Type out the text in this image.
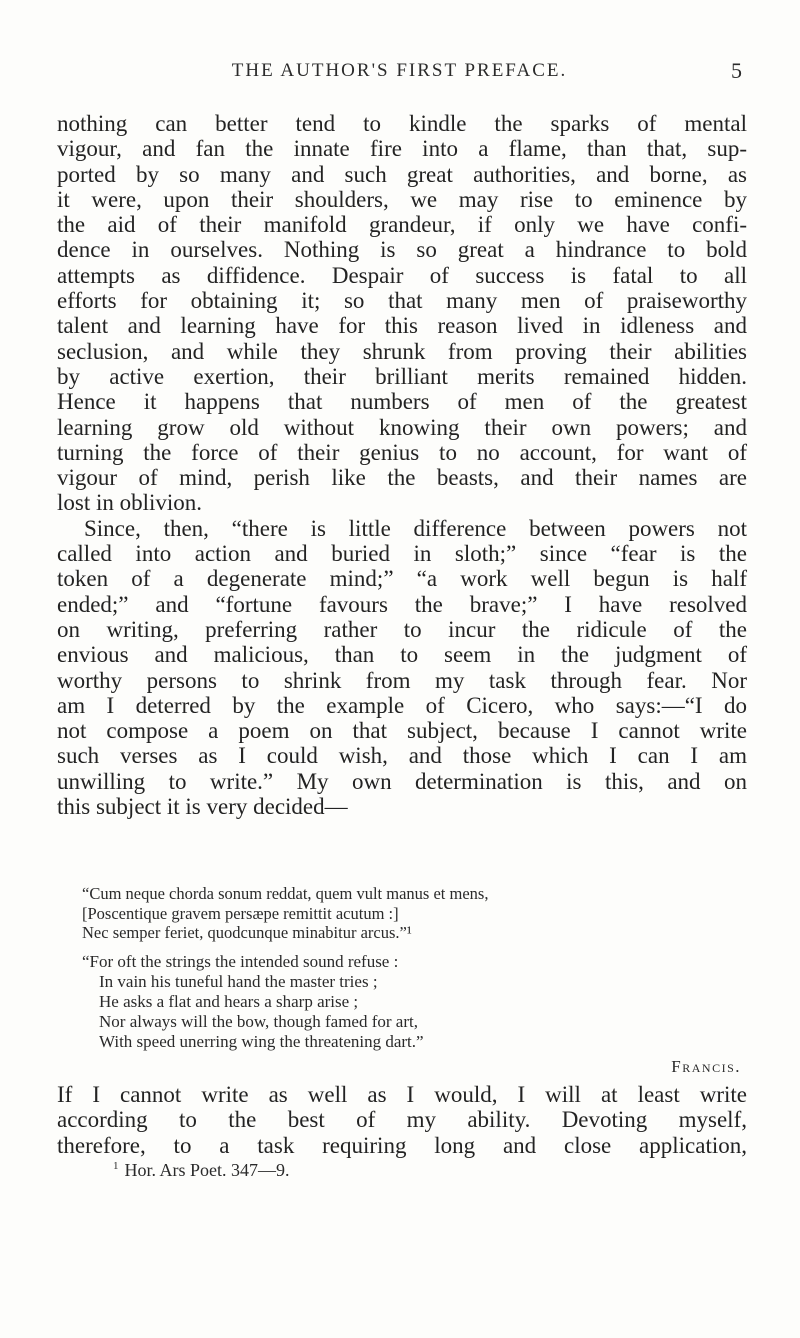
THE AUTHOR'S FIRST PREFACE.	5
nothing can better tend to kindle the sparks of mental
vigour, and fan the innate fire into a flame, than that, sup-
ported by so many and such great authorities, and borne, as
it were, upon their shoulders, we may rise to eminence by
the aid of their manifold grandeur, if only we have confi-
dence in ourselves. Nothing is so great a hindrance to bold
attempts as diffidence. Despair of success is fatal to all
efforts for obtaining it; so that many men of praiseworthy
talent and learning have for this reason lived in idleness and
seclusion, and while they shrunk from proving their abilities
by active exertion, their brilliant merits remained hidden.
Hence it happens that numbers of men of the greatest
learning grow old without knowing their own powers; and
turning the force of their genius to no account, for want of
vigour of mind, perish like the beasts, and their names are
lost in oblivion.
Since, then, “there is little difference between powers not
called into action and buried in sloth;” since “fear is the
token of a degenerate mind;” “a work well begun is half
ended;” and “fortune favours the brave;” I have resolved
on writing, preferring rather to incur the ridicule of the
envious and malicious, than to seem in the judgment of
worthy persons to shrink from my task through fear. Nor
am I deterred by the example of Cicero, who says:—“I do
not compose a poem on that subject, because I cannot write
such verses as I could wish, and those which I can I am
unwilling to write.” My own determination is this, and on
this subject it is very decided—
“Cum neque chorda sonum reddat, quem vult manus et mens,
[Poscentique gravem persæpe remittit acutum :]
Nec semper feriet, quodcunque minabitur arcus.”¹
“For oft the strings the intended sound refuse :
In vain his tuneful hand the master tries ;
He asks a flat and hears a sharp arise ;
Nor always will the bow, though famed for art,
With speed unerring wing the threatening dart.”
Francis.
If I cannot write as well as I would, I will at least write
according to the best of my ability. Devoting myself,
therefore, to a task requiring long and close application,
$^1$ Hor. Ars Poet. 347—9.
